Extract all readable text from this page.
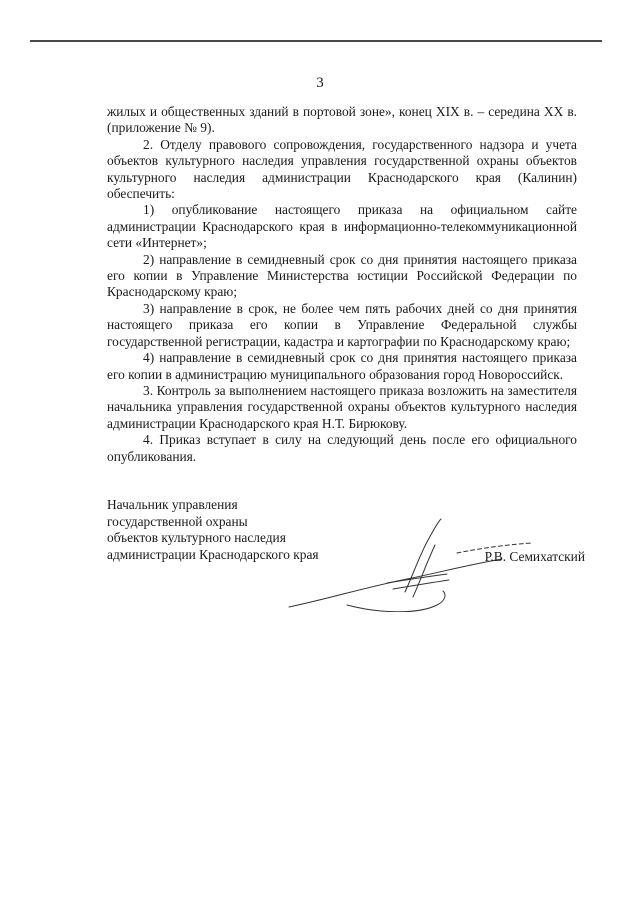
3

жилых и общественных зданий в портовой зоне», конец XIX в. – середина XX в. (приложение № 9).

2. Отделу правового сопровождения, государственного надзора и учета объектов культурного наследия управления государственной охраны объектов культурного наследия администрации Краснодарского края (Калинин) обеспечить:

1) опубликование настоящего приказа на официальном сайте администрации Краснодарского края в информационно-телекоммуникационной сети «Интернет»;

2) направление в семидневный срок со дня принятия настоящего приказа его копии в Управление Министерства юстиции Российской Федерации по Краснодарскому краю;

3) направление в срок, не более чем пять рабочих дней со дня принятия настоящего приказа его копии в Управление Федеральной службы государственной регистрации, кадастра и картографии по Краснодарскому краю;

4) направление в семидневный срок со дня принятия настоящего приказа его копии в администрацию муниципального образования город Новороссийск.

3. Контроль за выполнением настоящего приказа возложить на заместителя начальника управления государственной охраны объектов культурного наследия администрации Краснодарского края Н.Т. Бирюкову.

4. Приказ вступает в силу на следующий день после его официального опубликования.

Начальник управления
государственной охраны
объектов культурного наследия
администрации Краснодарского края	Р.В. Семихатский
